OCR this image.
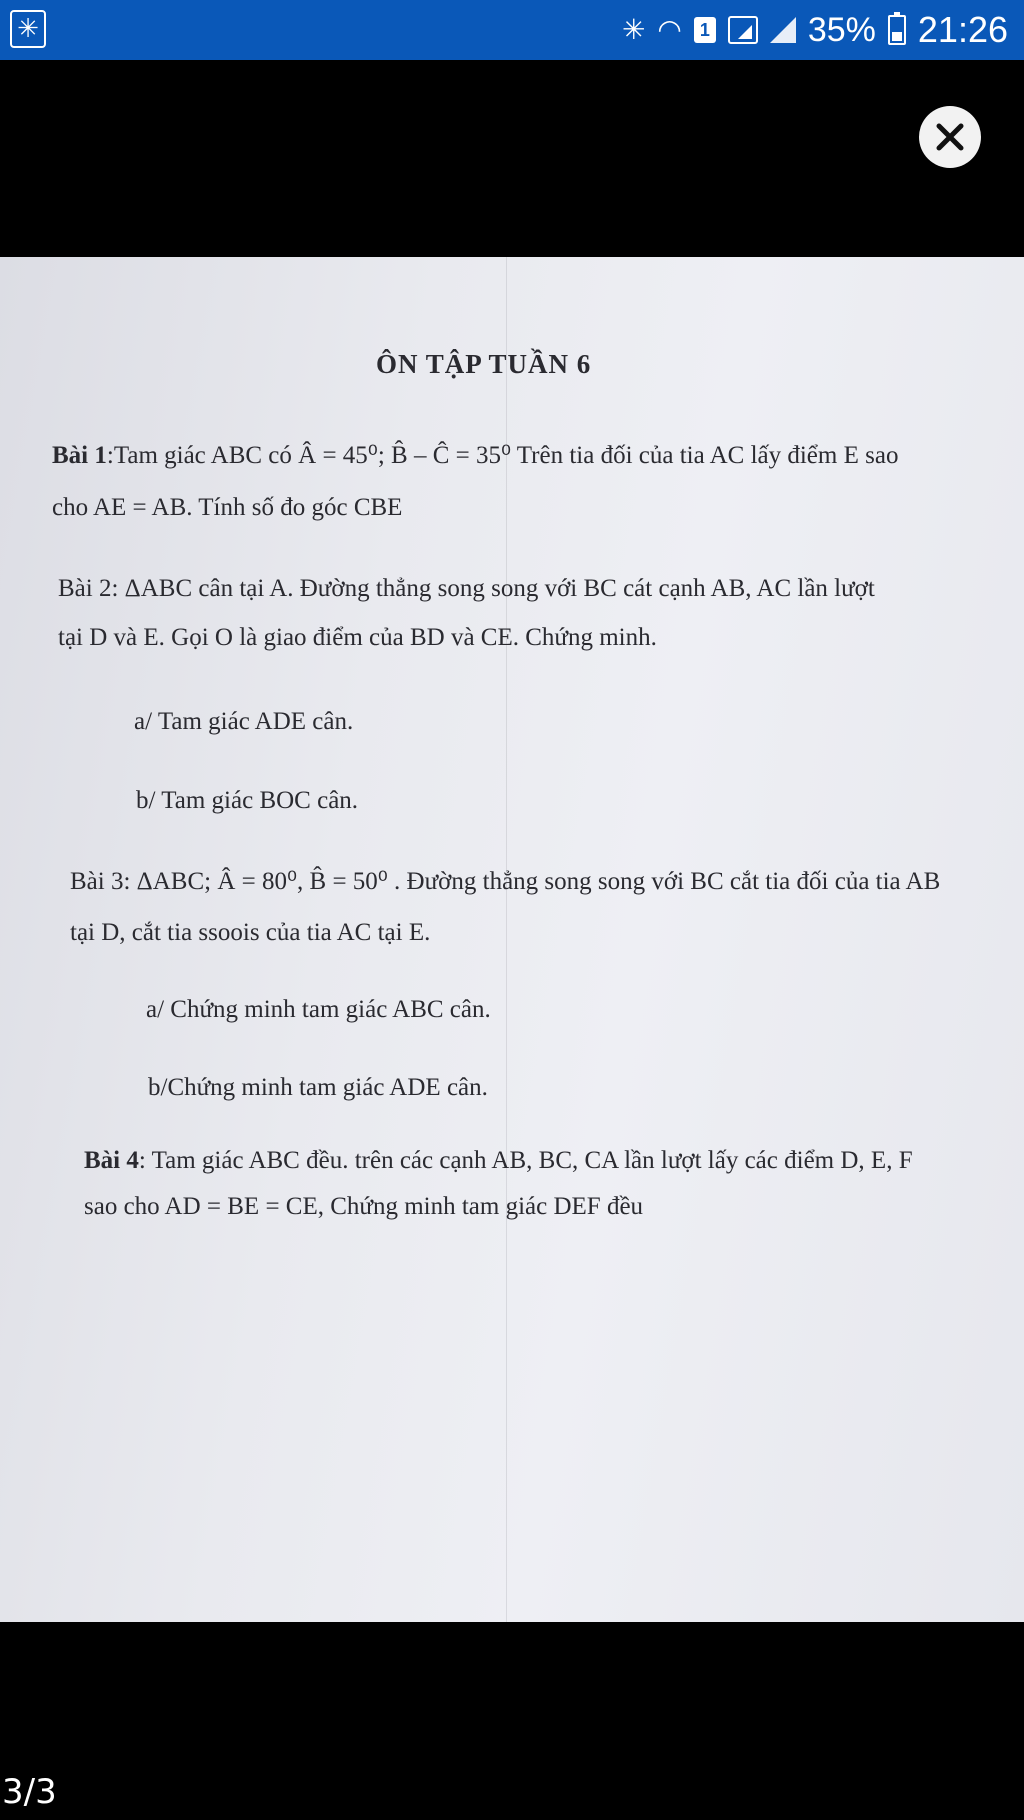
✳	✳ ◠ 1	35% 21:26
ÔN TẬP TUẦN 6
Bài 1:Tam giác ABC có Â = 45⁰; B̂ – Ĉ = 35⁰ Trên tia đối của tia AC lấy điểm E sao
cho AE = AB. Tính số đo góc CBE
Bài 2: ΔABC cân tại A. Đường thẳng song song với BC cát cạnh AB, AC lần lượt
tại D và E. Gọi O là giao điểm của BD và CE. Chứng minh.
a/ Tam giác ADE cân.
b/ Tam giác BOC cân.
Bài 3: ΔABC; Â = 80⁰, B̂ = 50⁰ . Đường thẳng song song với BC cắt tia đối của tia AB
tại D, cắt tia ssoois của tia AC tại E.
a/ Chứng minh tam giác ABC cân.
b/Chứng minh tam giác ADE cân.
Bài 4: Tam giác ABC đều. trên các cạnh AB, BC, CA lần lượt lấy các điểm D, E, F
sao cho AD = BE = CE, Chứng minh tam giác DEF đều
3/3
